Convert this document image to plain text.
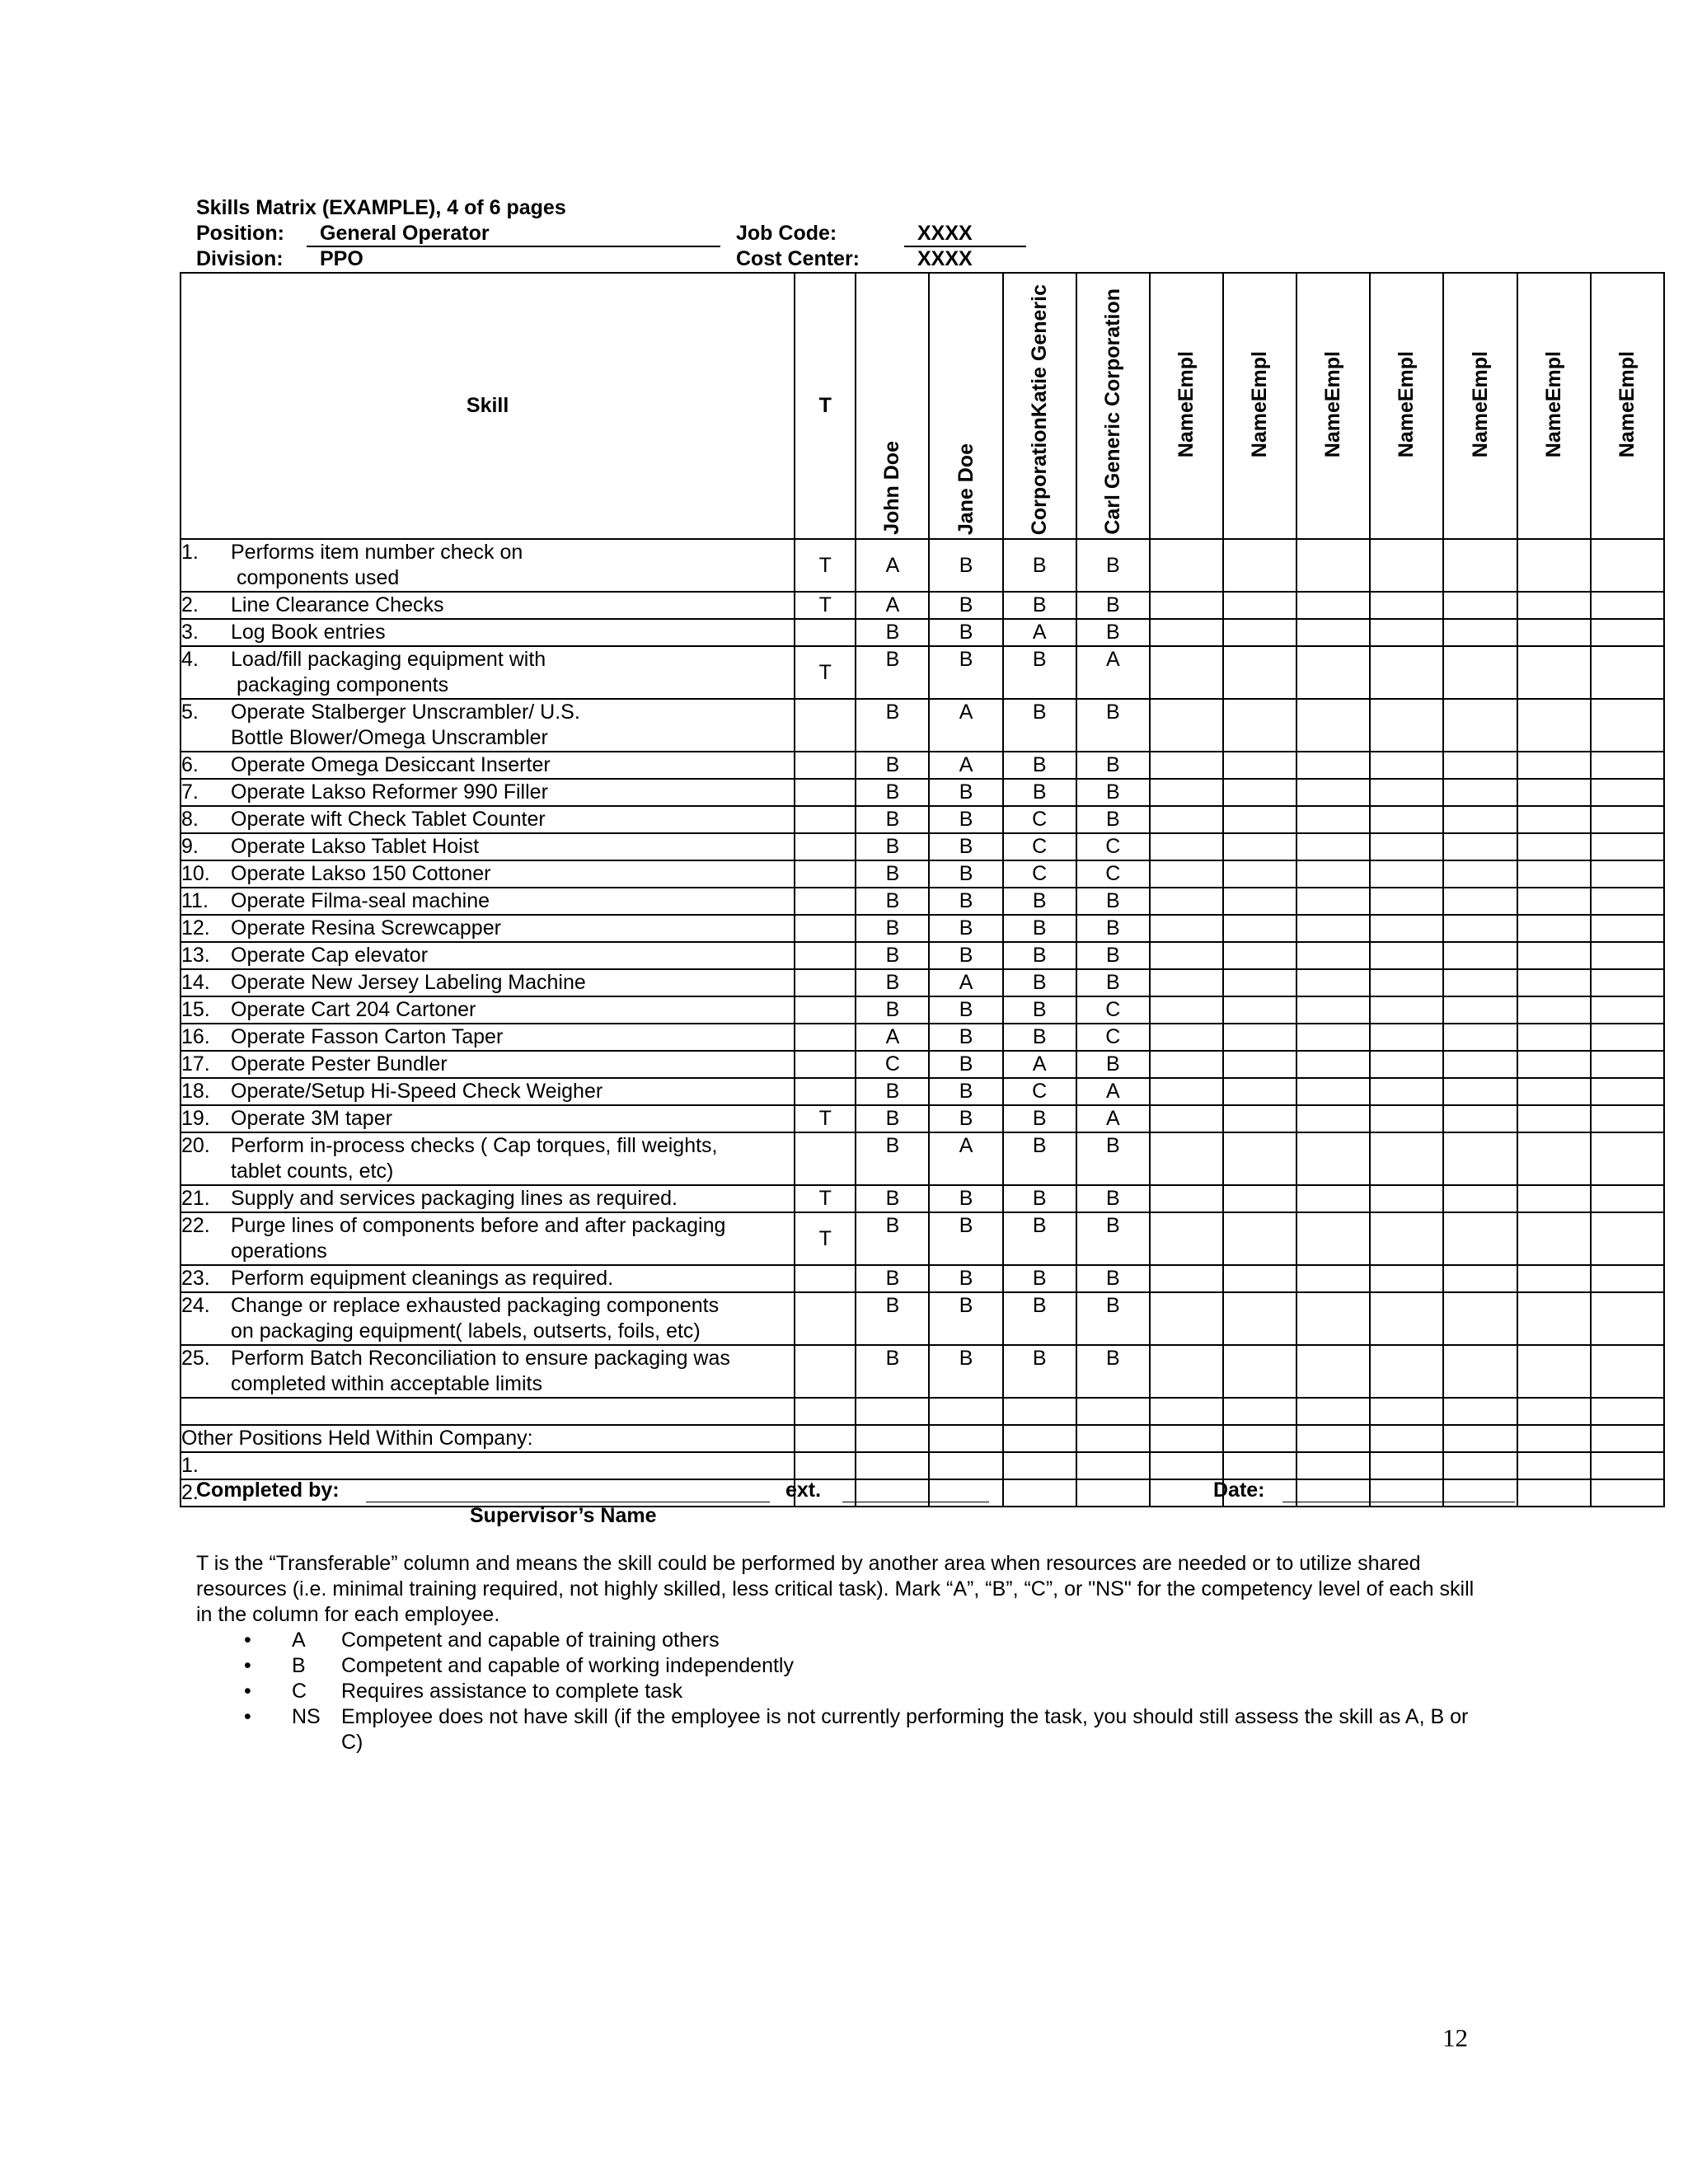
Skills Matrix (EXAMPLE), 4 of 6 pages
Position: General Operator	Job Code:	XXXX
Division: PPO	Cost Center:	XXXX
Skill	T	John Doe	Jane Doe	CorporationKatie Generic	Carl Generic Corporation	NameEmpl	NameEmpl	NameEmpl	NameEmpl	NameEmpl	NameEmpl	NameEmpl

1. Performs item number check on
components used	T	A	B	B	B							

2. Line Clearance Checks	T	A	B	B	B							

3. Log Book entries		B	B	A	B							

4. Load/fill packaging equipment with
packaging components	T	B	B	B	A							

5. Operate Stalberger Unscrambler/ U.S.
Bottle Blower/Omega Unscrambler		B	A	B	B							

6. Operate Omega Desiccant Inserter		B	A	B	B							

7. Operate Lakso Reformer 990 Filler		B	B	B	B							

8. Operate wift Check Tablet Counter		B	B	C	B							

9. Operate Lakso Tablet Hoist		B	B	C	C							

10. Operate Lakso 150 Cottoner		B	B	C	C							

11. Operate Filma-seal machine		B	B	B	B							

12. Operate Resina Screwcapper		B	B	B	B							

13. Operate Cap elevator		B	B	B	B							

14. Operate New Jersey Labeling Machine		B	A	B	B							

15. Operate Cart 204 Cartoner		B	B	B	C							

16. Operate Fasson Carton Taper		A	B	B	C							

17. Operate Pester Bundler		C	B	A	B							

18. Operate/Setup Hi-Speed Check Weigher		B	B	C	A							

19. Operate 3M taper	T	B	B	B	A							

20. Perform in-process checks ( Cap torques, fill weights,
tablet counts, etc)		B	A	B	B							

21. Supply and services packaging lines as required.	T	B	B	B	B							

22. Purge lines of components before and after packaging
operations	T	B	B	B	B							

23. Perform equipment cleanings as required.		B	B	B	B							

24. Change or replace exhausted packaging components
on packaging equipment( labels, outserts, foils, etc)		B	B	B	B							

25. Perform Batch Reconciliation to ensure packaging was
completed within acceptable limits		B	B	B	B							

Other Positions Held Within Company:												

1.												

2.												

Completed by:	ext.	Date:
Supervisor’s Name
T is the “Transferable” column and means the skill could be performed by another area when resources are needed or to utilize shared resources (i.e. minimal training required, not highly skilled, less critical task). Mark “A”, “B”, “C”, or "NS" for the competency level of each skill in the column for each employee.
• A	Competent and capable of training others
• B	Competent and capable of working independently
• C	Requires assistance to complete task
• NS	Employee does not have skill (if the employee is not currently performing the task, you should still assess the skill as A, B or C)
12
